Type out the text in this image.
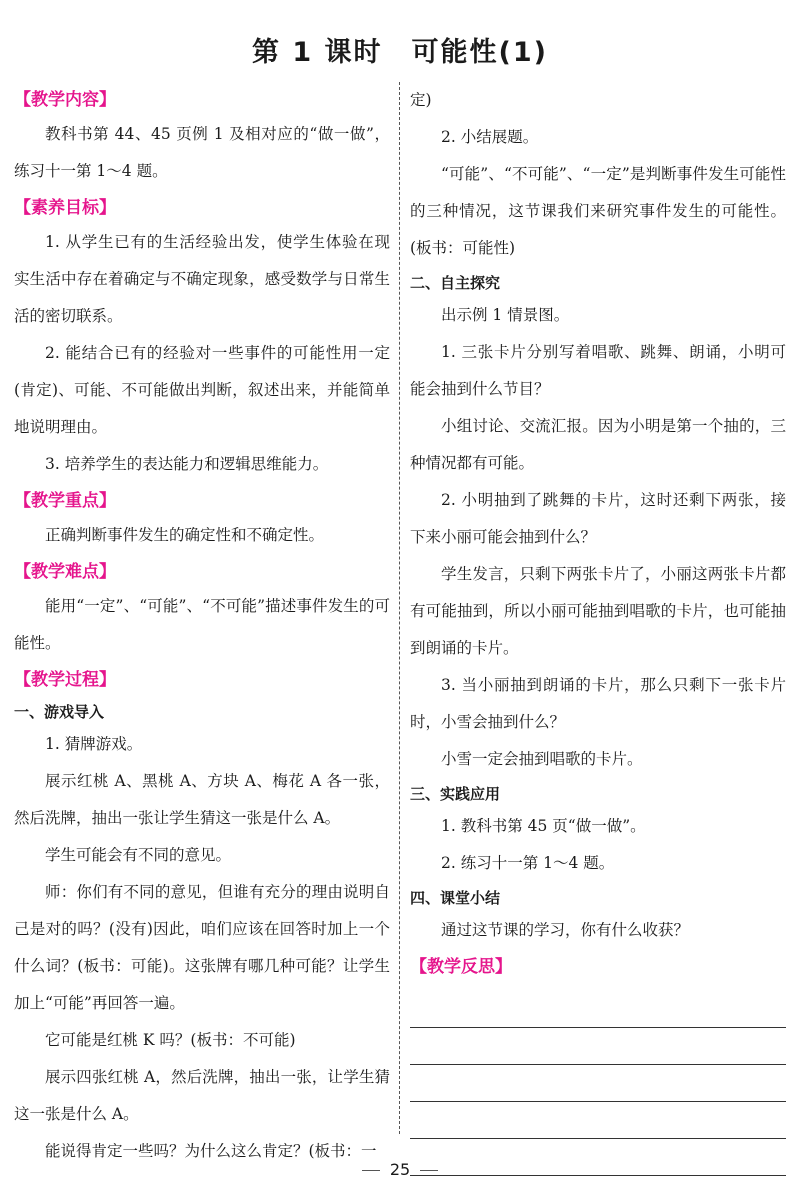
第 1 课时　可能性(1)
【教学内容】

教科书第 44、45 页例 1 及相对应的“做一做”，练习十一第 1～4 题。

【素养目标】

1. 从学生已有的生活经验出发，使学生体验在现实生活中存在着确定与不确定现象，感受数学与日常生活的密切联系。

2. 能结合已有的经验对一些事件的可能性用一定(肯定)、可能、不可能做出判断，叙述出来，并能简单地说明理由。

3. 培养学生的表达能力和逻辑思维能力。

【教学重点】

正确判断事件发生的确定性和不确定性。

【教学难点】

能用“一定”、“可能”、“不可能”描述事件发生的可能性。

【教学过程】
一、游戏导入

1. 猜牌游戏。

展示红桃 A、黑桃 A、方块 A、梅花 A 各一张，然后洗牌，抽出一张让学生猜这一张是什么 A。

学生可能会有不同的意见。

师：你们有不同的意见，但谁有充分的理由说明自己是对的吗？(没有)因此，咱们应该在回答时加上一个什么词？(板书：可能)。这张牌有哪几种可能？让学生加上“可能”再回答一遍。

它可能是红桃 K 吗？(板书：不可能)

展示四张红桃 A，然后洗牌，抽出一张，让学生猜这一张是什么 A。

能说得肯定一些吗？为什么这么肯定？(板书：一

定)

2. 小结展题。

“可能”、“不可能”、“一定”是判断事件发生可能性的三种情况，这节课我们来研究事件发生的可能性。(板书：可能性)

二、自主探究

出示例 1 情景图。

1. 三张卡片分别写着唱歌、跳舞、朗诵，小明可能会抽到什么节目？

小组讨论、交流汇报。因为小明是第一个抽的，三种情况都有可能。

2. 小明抽到了跳舞的卡片，这时还剩下两张，接下来小丽可能会抽到什么？

学生发言，只剩下两张卡片了，小丽这两张卡片都有可能抽到，所以小丽可能抽到唱歌的卡片，也可能抽到朗诵的卡片。

3. 当小丽抽到朗诵的卡片，那么只剩下一张卡片时，小雪会抽到什么？

小雪一定会抽到唱歌的卡片。

三、实践应用

1. 教科书第 45 页“做一做”。

2. 练习十一第 1～4 题。

四、课堂小结

通过这节课的学习，你有什么收获？

【教学反思】
25
